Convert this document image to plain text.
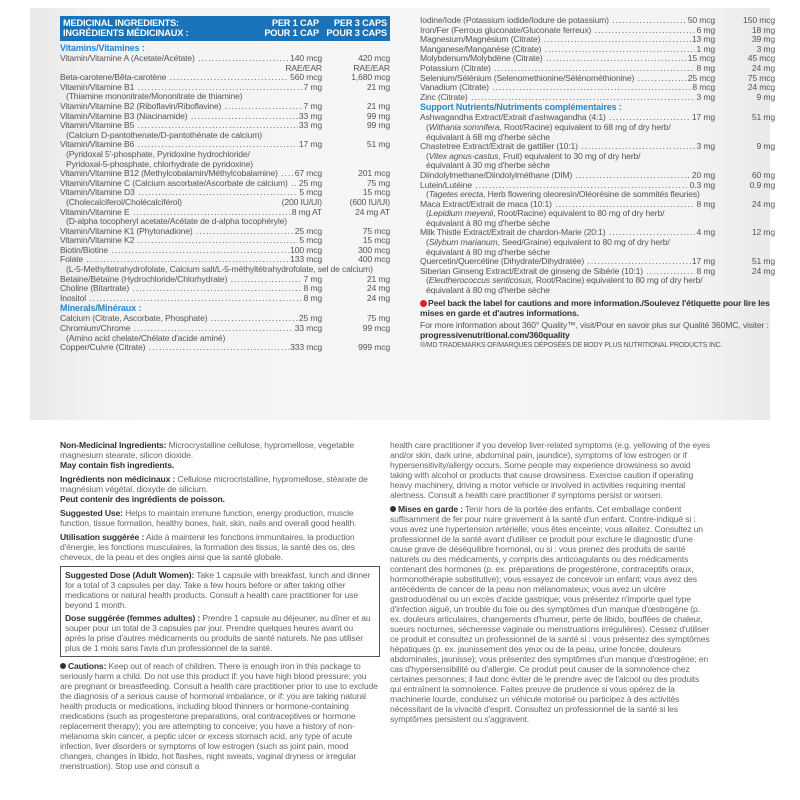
MEDICINAL INGREDIENTS:
INGRÉDIENTS MÉDICINAUX :
PER 1 CAP
POUR 1 CAP
PER 3 CAPS
POUR 3 CAPS
Vitamins/Vitamines :
Vitamin/Vitamine A (Acetate/Acétate) .....	140 mcg	420 mcg
RAE/EAR	RAE/EAR
Beta-carotene/Bêta-carotène .....	560 mcg	1,680 mcg
Vitamin/Vitamine B1 .....	7 mg	21 mg
(Thiamine mononitrate/Mononitrate de thiamine)
Vitamin/Vitamine B2 (Riboflavin/Riboflavine) .....	7 mg	21 mg
Vitamin/Vitamine B3 (Niacinamide) .....	33 mg	99 mg
Vitamin/Vitamine B5 .....	33 mg	99 mg
(Calcium D-pantothenate/D-pantothénate de calcium)
Vitamin/Vitamine B6 .....	17 mg	51 mg
(Pyridoxal 5'-phosphate, Pyridoxine hydrochloride/
Pyridoxal-5-phosphate, chlorhydrate de pyridoxine)
Vitamin/Vitamine B12 (Methylcobalamin/Méthylcobalamine) .....	67 mcg	201 mcg
Vitamin/Vitamine C (Calcium ascorbate/Ascorbate de calcium) .....	25 mg	75 mg
Vitamin/Vitamine D3 .....	5 mcg	15 mcg
(Cholecalciferol/Cholécalciférol)	(200 IU/UI)	(600 IU/UI)
Vitamin/Vitamine E .....	8 mg AT	24 mg AT
(D-alpha tocopheryl acetate/Acétate de d-alpha tocophéryle)
Vitamin/Vitamine K1 (Phytonadione) .....	25 mcg	75 mcg
Vitamin/Vitamine K2 .....	5 mcg	15 mcg
Biotin/Biotine .....	100 mcg	300 mcg
Folate .....	133 mcg	400 mcg
(L-5-Methyltetrahydrofolate, Calcium salt/L-5-méthyltétrahydrofolate, sel de calcium)
Betaine/Bétaïne (Hydrochloride/Chlorhydrate) .....	7 mg	21 mg
Choline (Bitartrate) .....	8 mg	24 mg
Inositol .....	8 mg	24 mg
Minerals/Minéraux :
Calcium (Citrate, Ascorbate, Phosphate) .....	25 mg	75 mg
Chromium/Chrome .....	33 mcg	99 mcg
(Amino acid chelate/Chélate d'acide aminé)
Copper/Cuivre (Citrate) .....	333 mcg	999 mcg
Iodine/Iode (Potassium iodide/Iodure de potassium) .....	50 mcg	150 mcg
Iron/Fer (Ferrous gluconate/Gluconate ferreux) .....	6 mg	18 mg
Magnesium/Magnésium (Citrate) .....	13 mg	39 mg
Manganese/Manganèse (Citrate) .....	1 mg	3 mg
Molybdenum/Molybdène (Citrate) .....	15 mcg	45 mcg
Potassium (Citrate) .....	8 mg	24 mg
Selenium/Sélénium (Selenomethionine/Sélénométhionine) .....	25 mcg	75 mcg
Vanadium (Citrate) .....	8 mcg	24 mcg
Zinc (Citrate) .....	3 mg	9 mg
Support Nutrients/Nutriments complémentaires :
Ashwagandha Extract/Extrait d'ashwagandha (4:1) .....	17 mg	51 mg
(Withania somnifera, Root/Racine) equivalent to 68 mg of dry herb/
équivalant à 68 mg d'herbe sèche
Chastetree Extract/Extrait de gattilier (10:1) .....	3 mg	9 mg
(Vitex agnus-castus, Fruit) equivalent to 30 mg of dry herb/
équivalant à 30 mg d'herbe sèche
Diindolylmethane/Diindolylméthane (DIM) .....	20 mg	60 mg
Lutein/Lutéine .....	0.3 mg	0.9 mg
(Tagetes erecta, Herb flowering oleoresin/Oléorésine de sommités fleuries)
Maca Extract/Extrait de maca (10:1) .....	8 mg	24 mg
(Lepidium meyenii, Root/Racine) equivalent to 80 mg of dry herb/
équivalant à 80 mg d'herbe sèche
Milk Thistle Extract/Extrait de chardon-Marie (20:1) .....	4 mg	12 mg
(Silybum marianum, Seed/Graine) equivalent to 80 mg of dry herb/
équivalant à 80 mg d'herbe sèche
Quercetin/Quercétine (Dihydrate/Dihydratée) .....	17 mg	51 mg
Siberian Ginseng Extract/Extrait de ginseng de Sibérie (10:1) .....	8 mg	24 mg
(Eleutherococcus senticosus, Root/Racine) equivalent to 80 mg of dry herb/
équivalant à 80 mg d'herbe sèche
Peel back the label for cautions and more information./Soulevez l'étiquette pour lire les mises en garde et d'autres informations.
For more information about 360° Quality™, visit/Pour en savoir plus sur Qualité 360MC, visiter : progressivenutritional.com/360quality
®/MD TRADEMARKS OF/MARQUES DÉPOSÉES DE BODY PLUS NUTRITIONAL PRODUCTS INC.

Non-Medicinal Ingredients: Microcrystalline cellulose, hypromellose, vegetable magnesium stearate, silicon dioxide.
May contain fish ingredients.

Ingrédients non médicinaux : Cellulose microcristalline, hypromellose, stéarate de magnésium végétal, dioxyde de silicium.
Peut contenir des ingrédients de poisson.

Suggested Use: Helps to maintain immune function, energy production, muscle function, tissue formation, healthy bones, hair, skin, nails and overall good health.

Utilisation suggérée : Aide à maintenir les fonctions immunitaires, la production d'énergie, les fonctions musculaires, la formation des tissus, la santé des os, des cheveux, de la peau et des ongles ainsi que la santé globale.

Suggested Dose (Adult Women): Take 1 capsule with breakfast, lunch and dinner for a total of 3 capsules per day. Take a few hours before or after taking other medications or natural health products. Consult a health care practitioner for use beyond 1 month.

Dose suggérée (femmes adultes) : Prendre 1 capsule au déjeuner, au dîner et au souper pour un total de 3 capsules par jour. Prendre quelques heures avant ou après la prise d'autres médicaments ou produits de santé naturels. Ne pas utiliser plus de 1 mois sans l'avis d'un professionnel de la santé.

Cautions: Keep out of reach of children. There is enough iron in this package to seriously harm a child. Do not use this product if: you have high blood pressure; you are pregnant or breastfeeding. Consult a health care practitioner prior to use to exclude the diagnosis of a serious cause of hormonal imbalance, or if: you are taking natural health products or medications, including blood thinners or hormone-containing medications (such as progesterone preparations, oral contraceptives or hormone replacement therapy); you are attempting to conceive; you have a history of non-melanoma skin cancer, a peptic ulcer or excess stomach acid, any type of acute infection, liver disorders or symptoms of low estrogen (such as joint pain, mood changes, changes in libido, hot flashes, night sweats, vaginal dryness or irregular menstruation). Stop use and consult a

health care practitioner if you develop liver-related symptoms (e.g. yellowing of the eyes and/or skin, dark urine, abdominal pain, jaundice), symptoms of low estrogen or if hypersensitivity/allergy occurs. Some people may experience drowsiness so avoid taking with alcohol or products that cause drowsiness. Exercise caution if operating heavy machinery, driving a motor vehicle or involved in activities requiring mental alertness. Consult a health care practitioner if symptoms persist or worsen.

Mises en garde : Tenir hors de la portée des enfants. Cet emballage contient suffisamment de fer pour nuire gravement à la santé d'un enfant. Contre-indiqué si : vous avez une hypertension artérielle; vous êtes enceinte; vous allaitez. Consultez un professionnel de la santé avant d'utiliser ce produit pour exclure le diagnostic d'une cause grave de déséquilibre hormonal, ou si : vous prenez des produits de santé naturels ou des médicaments, y compris des anticoagulants ou des médicaments contenant des hormones (p. ex. préparations de progestérone, contraceptifs oraux, hormonothérapie substitutive); vous essayez de concevoir un enfant; vous avez des antécédents de cancer de la peau non mélanomateux; vous avez un ulcère gastroduodénal ou un excès d'acide gastrique; vous présentez n'importe quel type d'infection aiguë, un trouble du foie ou des symptômes d'un manque d'œstrogène (p. ex. douleurs articulaires, changements d'humeur, perte de libido, bouffées de chaleur, sueurs nocturnes, sécheresse vaginale ou menstruations irrégulières). Cessez d'utiliser ce produit et consultez un professionnel de la santé si : vous présentez des symptômes hépatiques (p. ex. jaunissement des yeux ou de la peau, urine foncée, douleurs abdominales, jaunisse); vous présentez des symptômes d'un manque d'œstrogène; en cas d'hypersensibilité ou d'allergie. Ce produit peut causer de la somnolence chez certaines personnes; il faut donc éviter de le prendre avec de l'alcool ou des produits qui entraînent la somnolence. Faites preuve de prudence si vous opérez de la machinerie lourde, conduisez un véhicule motorisé ou participez à des activités nécessitant de la vivacité d'esprit. Consultez un professionnel de la santé si les symptômes persistent ou s'aggravent.
